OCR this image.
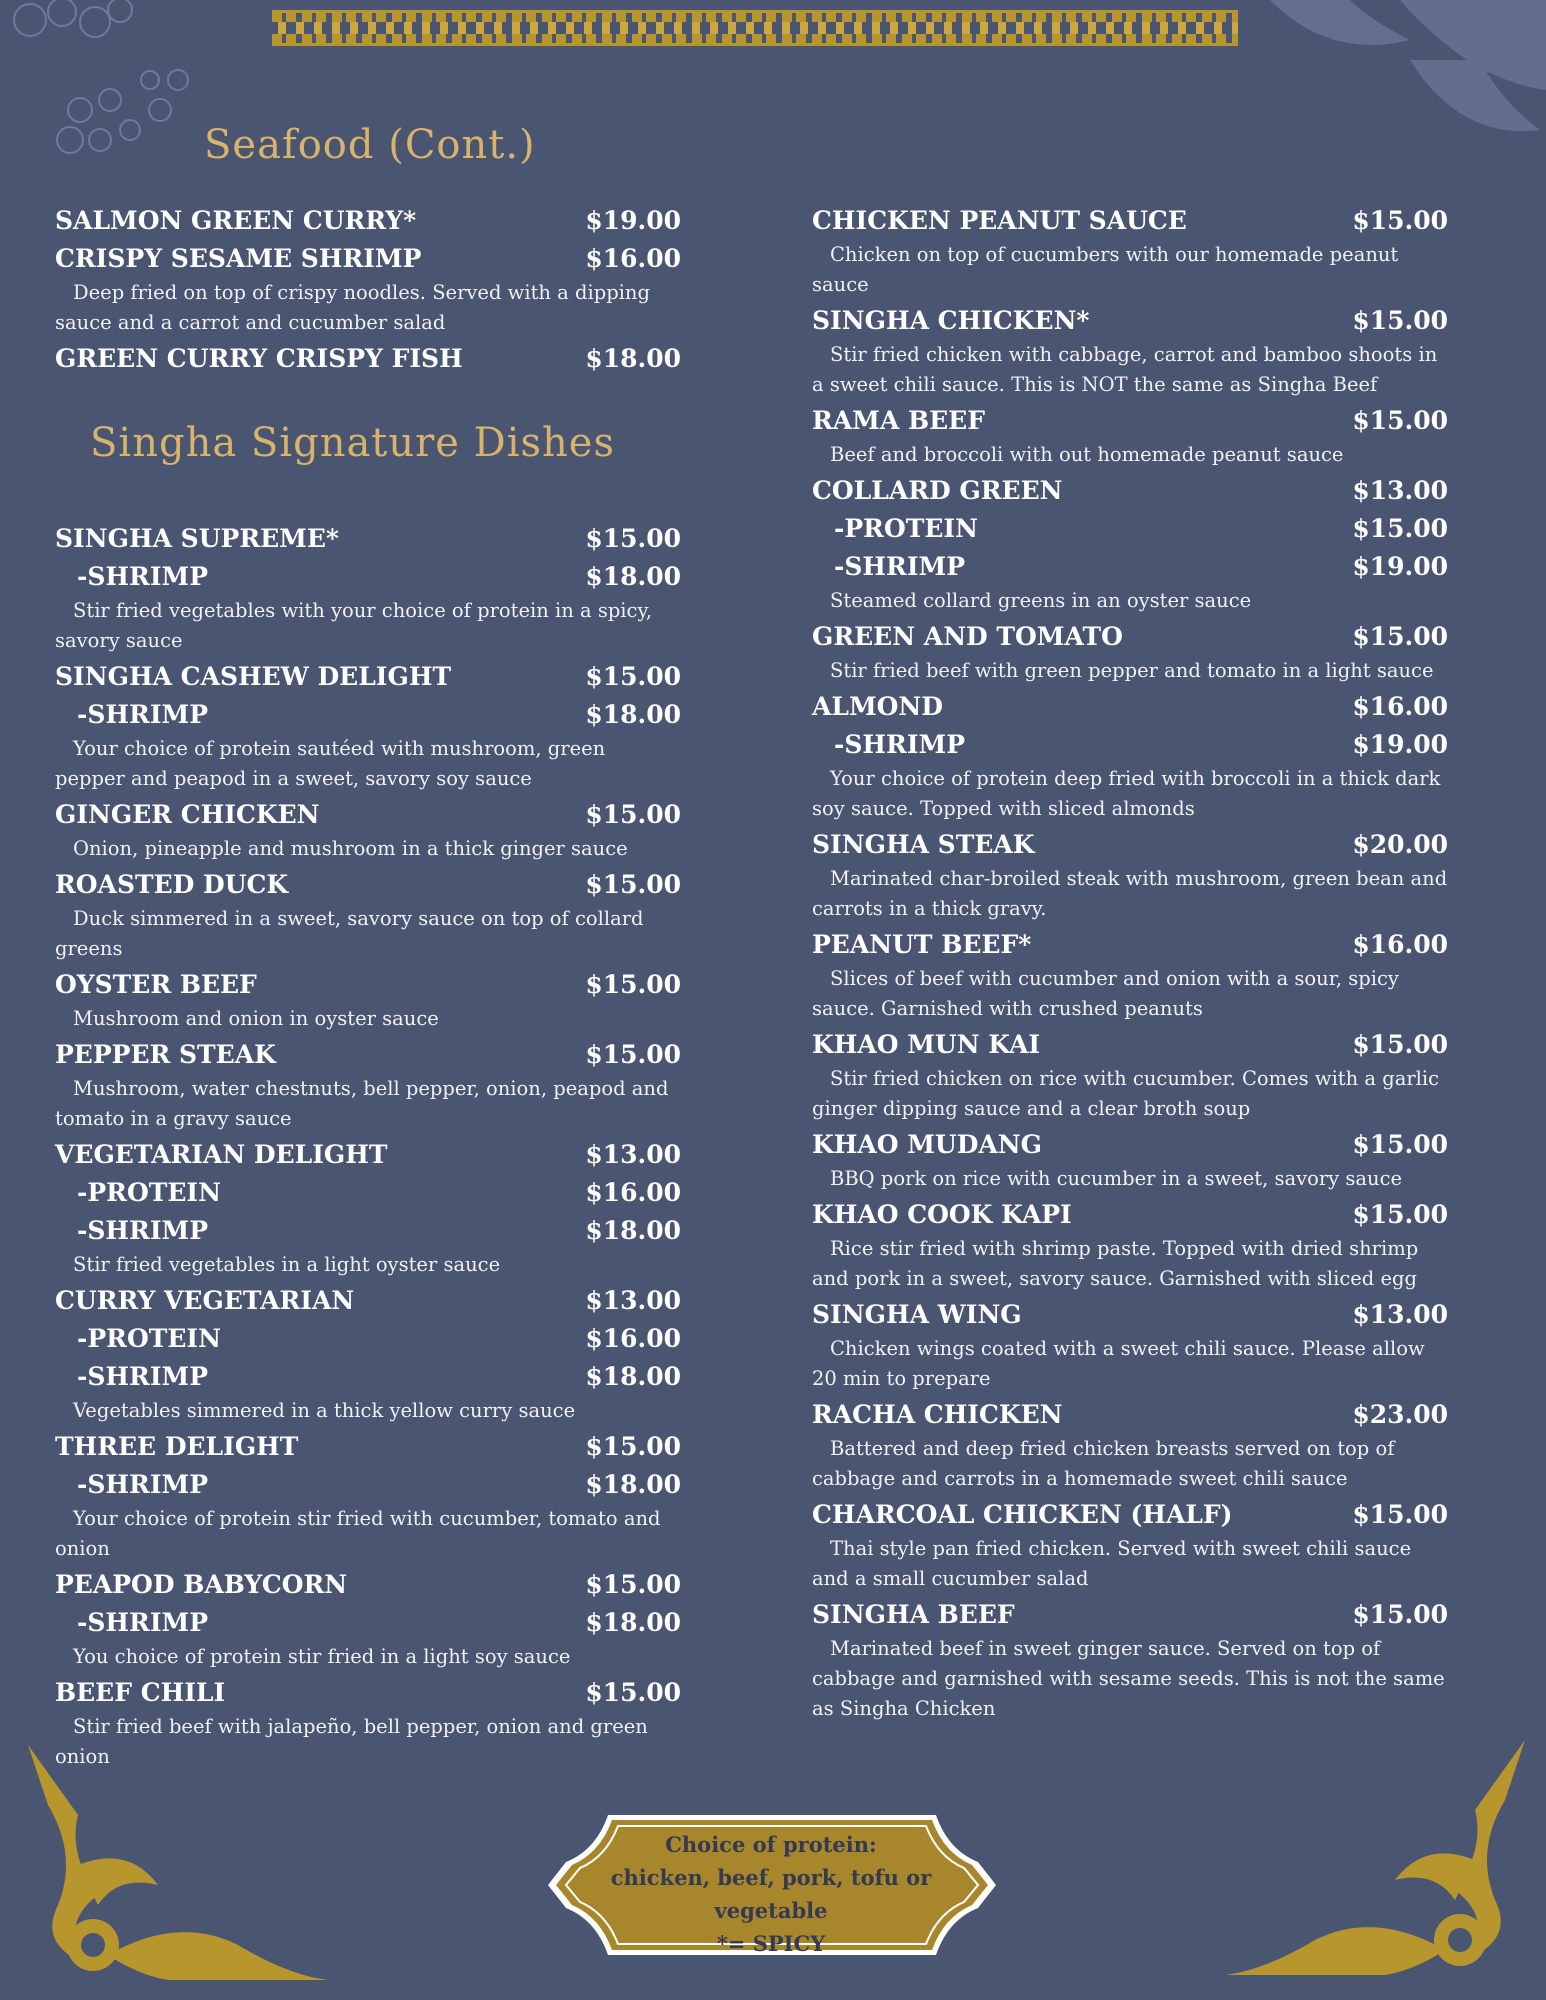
Seafood (Cont.)
SALMON GREEN CURRY*	$19.00
CRISPY SESAME SHRIMP	$16.00
Deep fried on top of crispy noodles. Served with a dipping sauce and a carrot and cucumber salad
GREEN CURRY CRISPY FISH	$18.00
Singha Signature Dishes
SINGHA SUPREME*	$15.00
-SHRIMP	$18.00
Stir fried vegetables with your choice of protein in a spicy, savory sauce
SINGHA CASHEW DELIGHT	$15.00
-SHRIMP	$18.00
Your choice of protein sautéed with mushroom, green pepper and peapod in a sweet, savory soy sauce
GINGER CHICKEN	$15.00
Onion, pineapple and mushroom in a thick ginger sauce
ROASTED DUCK	$15.00
Duck simmered in a sweet, savory sauce on top of collard greens
OYSTER BEEF	$15.00
Mushroom and onion in oyster sauce
PEPPER STEAK	$15.00
Mushroom, water chestnuts, bell pepper, onion, peapod and tomato in a gravy sauce
VEGETARIAN DELIGHT	$13.00
-PROTEIN	$16.00
-SHRIMP	$18.00
Stir fried vegetables in a light oyster sauce
CURRY VEGETARIAN	$13.00
-PROTEIN	$16.00
-SHRIMP	$18.00
Vegetables simmered in a thick yellow curry sauce
THREE DELIGHT	$15.00
-SHRIMP	$18.00
Your choice of protein stir fried with cucumber, tomato and onion
PEAPOD BABYCORN	$15.00
-SHRIMP	$18.00
You choice of protein stir fried in a light soy sauce
BEEF CHILI	$15.00
Stir fried beef with jalapeño, bell pepper, onion and green onion
CHICKEN PEANUT SAUCE	$15.00
Chicken on top of cucumbers with our homemade peanut sauce
SINGHA CHICKEN*	$15.00
Stir fried chicken with cabbage, carrot and bamboo shoots in a sweet chili sauce. This is NOT the same as Singha Beef
RAMA BEEF	$15.00
Beef and broccoli with out homemade peanut sauce
COLLARD GREEN	$13.00
-PROTEIN	$15.00
-SHRIMP	$19.00
Steamed collard greens in an oyster sauce
GREEN AND TOMATO	$15.00
Stir fried beef with green pepper and tomato in a light sauce
ALMOND	$16.00
-SHRIMP	$19.00
Your choice of protein deep fried with broccoli in a thick dark soy sauce. Topped with sliced almonds
SINGHA STEAK	$20.00
Marinated char-broiled steak with mushroom, green bean and carrots in a thick gravy.
PEANUT BEEF*	$16.00
Slices of beef with cucumber and onion with a sour, spicy sauce. Garnished with crushed peanuts
KHAO MUN KAI	$15.00
Stir fried chicken on rice with cucumber. Comes with a garlic ginger dipping sauce and a clear broth soup
KHAO MUDANG	$15.00
BBQ pork on rice with cucumber in a sweet, savory sauce
KHAO COOK KAPI	$15.00
Rice stir fried with shrimp paste. Topped with dried shrimp and pork in a sweet, savory sauce. Garnished with sliced egg
SINGHA WING	$13.00
Chicken wings coated with a sweet chili sauce. Please allow 20 min to prepare
RACHA CHICKEN	$23.00
Battered and deep fried chicken breasts served on top of cabbage and carrots in a homemade sweet chili sauce
CHARCOAL CHICKEN (HALF)	$15.00
Thai style pan fried chicken. Served with sweet chili sauce and a small cucumber salad
SINGHA BEEF	$15.00
Marinated beef in sweet ginger sauce. Served on top of cabbage and garnished with sesame seeds. This is not the same as Singha Chicken
Choice of protein:
chicken, beef, pork, tofu or vegetable
*= SPICY
